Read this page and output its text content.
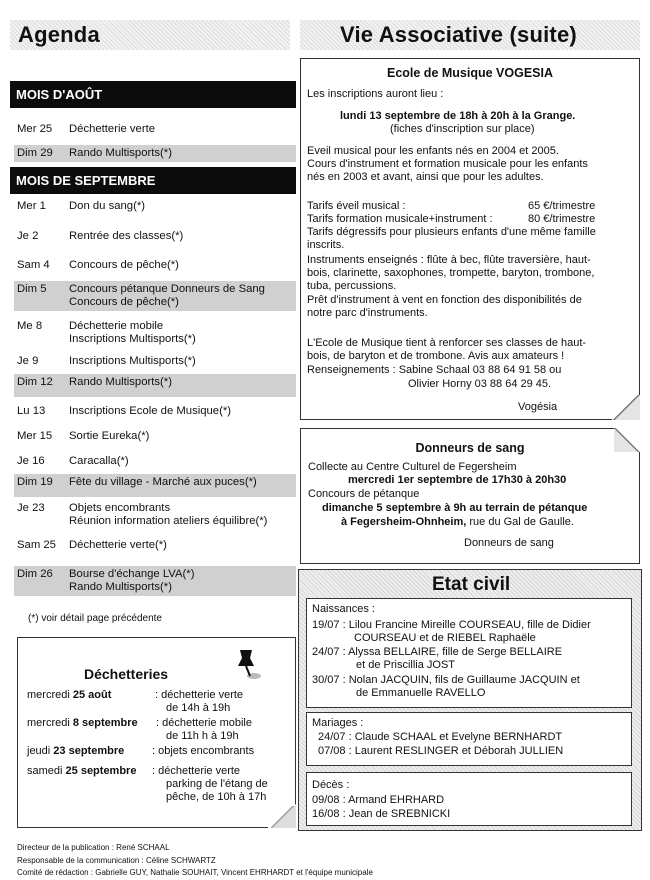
Agenda	Vie Associative (suite)
MOIS D'AOÛT
Mer 25 Déchetterie verte
Dim 29 Rando Multisports(*)
MOIS DE SEPTEMBRE
Mer 1 Don du sang(*)
Je 2	Rentrée des classes(*)
Sam 4 Concours de pêche(*)
Dim 5 Concours pétanque Donneurs de Sang
Concours de pêche(*)
Me 8 Déchetterie mobile
Inscriptions Multisports(*)
Je 9	Inscriptions Multisports(*)
Dim 12 Rando Multisports(*)
Lu 13 Inscriptions Ecole de Musique(*)
Mer 15 Sortie Eureka(*)
Je 16 Caracalla(*)
Dim 19 Fête du village - Marché aux puces(*)
Je 23 Objets encombrants
Réunion information ateliers équilibre(*)
Sam 25 Déchetterie verte(*)
Dim 26 Bourse d'échange LVA(*)
Rando Multisports(*)
(*) voir détail page précédente
Déchetteries
mercredi 25 août	: déchetterie verte
de 14h à 19h
mercredi 8 septembre : déchetterie mobile
de 11h h à 19h
jeudi 23 septembre	: objets encombrants
samedi 25 septembre : déchetterie verte
parking de l'étang de
pêche, de 10h à 17h
Ecole de Musique VOGESIA
Les inscriptions auront lieu :
lundi 13 septembre de 18h à 20h à la Grange.
(fiches d'inscription sur place)
Eveil musical pour les enfants nés en 2004 et 2005.
Cours d'instrument et formation musicale pour les enfants
nés en 2003 et avant, ainsi que pour les adultes.
Tarifs éveil musical :	65 €/trimestre
Tarifs formation musicale+instrument :	80 €/trimestre
Tarifs dégressifs pour plusieurs enfants d'une même famille
inscrits.
Instruments enseignés : flûte à bec, flûte traversière, haut-
bois, clarinette, saxophones, trompette, baryton, trombone,
tuba, percussions.
Prêt d'instrument à vent en fonction des disponibilités de
notre parc d'instruments.
L'Ecole de Musique tient à renforcer ses classes de haut-
bois, de baryton et de trombone. Avis aux amateurs !
Renseignements : Sabine Schaal 03 88 64 91 58 ou
Olivier Horny 03 88 64 29 45.
Vogésia
Donneurs de sang
Collecte au Centre Culturel de Fegersheim
mercredi 1er septembre de 17h30 à 20h30
Concours de pétanque
dimanche 5 septembre à 9h au terrain de pétanque
à Fegersheim-Ohnheim, rue du Gal de Gaulle.
Donneurs de sang
Etat civil
Naissances :
19/07 : Lilou Francine Mireille COURSEAU, fille de Didier
COURSEAU et de RIEBEL Raphaële
24/07 : Alyssa BELLAIRE, fille de Serge BELLAIRE
et de Priscillia JOST
30/07 : Nolan JACQUIN, fils de Guillaume JACQUIN et
de Emmanuelle RAVELLO
Mariages :
24/07 : Claude SCHAAL et Evelyne BERNHARDT
07/08 : Laurent RESLINGER et Déborah JULLIEN
Décès :
09/08 : Armand EHRHARD
16/08 : Jean de SREBNICKI
Directeur de la publication : René SCHAAL
Responsable de la communication : Céline SCHWARTZ
Comité de rédaction : Gabrielle GUY, Nathalie SOUHAIT, Vincent EHRHARDT et l'équipe municipale
